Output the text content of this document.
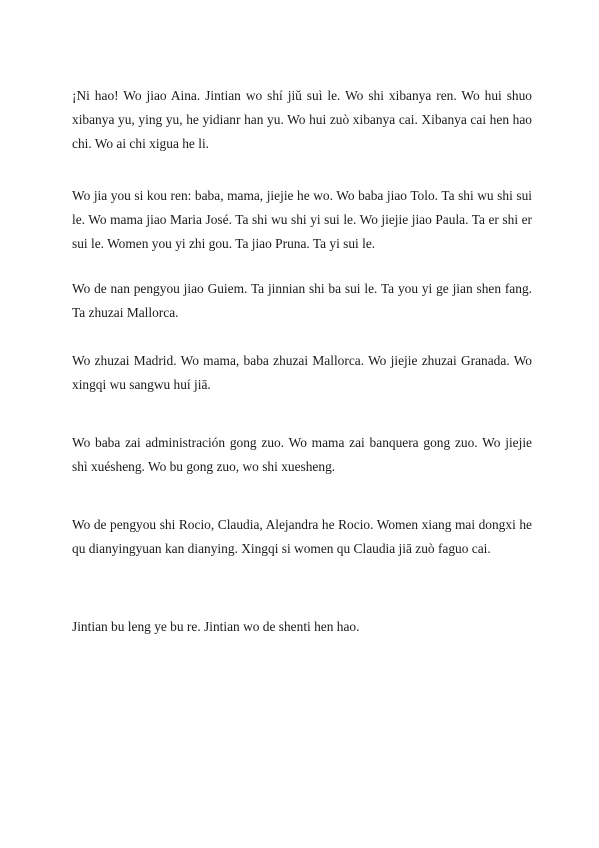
¡Ni hao! Wo jiao Aina. Jintian wo shí jiǔ suì le. Wo shi xibanya ren. Wo hui shuo xibanya yu, ying yu, he yidianr han yu. Wo hui zuò xibanya cai. Xibanya cai hen hao chi. Wo ai chi xigua he li.

Wo jia you si kou ren: baba, mama, jiejie he wo. Wo baba jiao Tolo. Ta shi wu shi sui le. Wo mama jiao Maria José. Ta shi wu shi yi sui le. Wo jiejie jiao Paula. Ta er shi er sui le. Women you yi zhi gou. Ta jiao Pruna. Ta yi sui le.

Wo de nan pengyou jiao Guiem. Ta jinnian shi ba sui le. Ta you yi ge jian shen fang. Ta zhuzai Mallorca.

Wo zhuzai Madrid. Wo mama, baba zhuzai Mallorca. Wo jiejie zhuzai Granada. Wo xingqi wu sangwu huí jiā.

Wo baba zai administración gong zuo. Wo mama zai banquera gong zuo. Wo jiejie shì xuésheng. Wo bu gong zuo, wo shi xuesheng.

Wo de pengyou shi Rocio, Claudia, Alejandra he Rocio. Women xiang mai dongxi he qu dianyingyuan kan dianying. Xingqi si women qu Claudia jiā zuò faguo cai.

Jintian bu leng ye bu re. Jintian wo de shenti hen hao.
